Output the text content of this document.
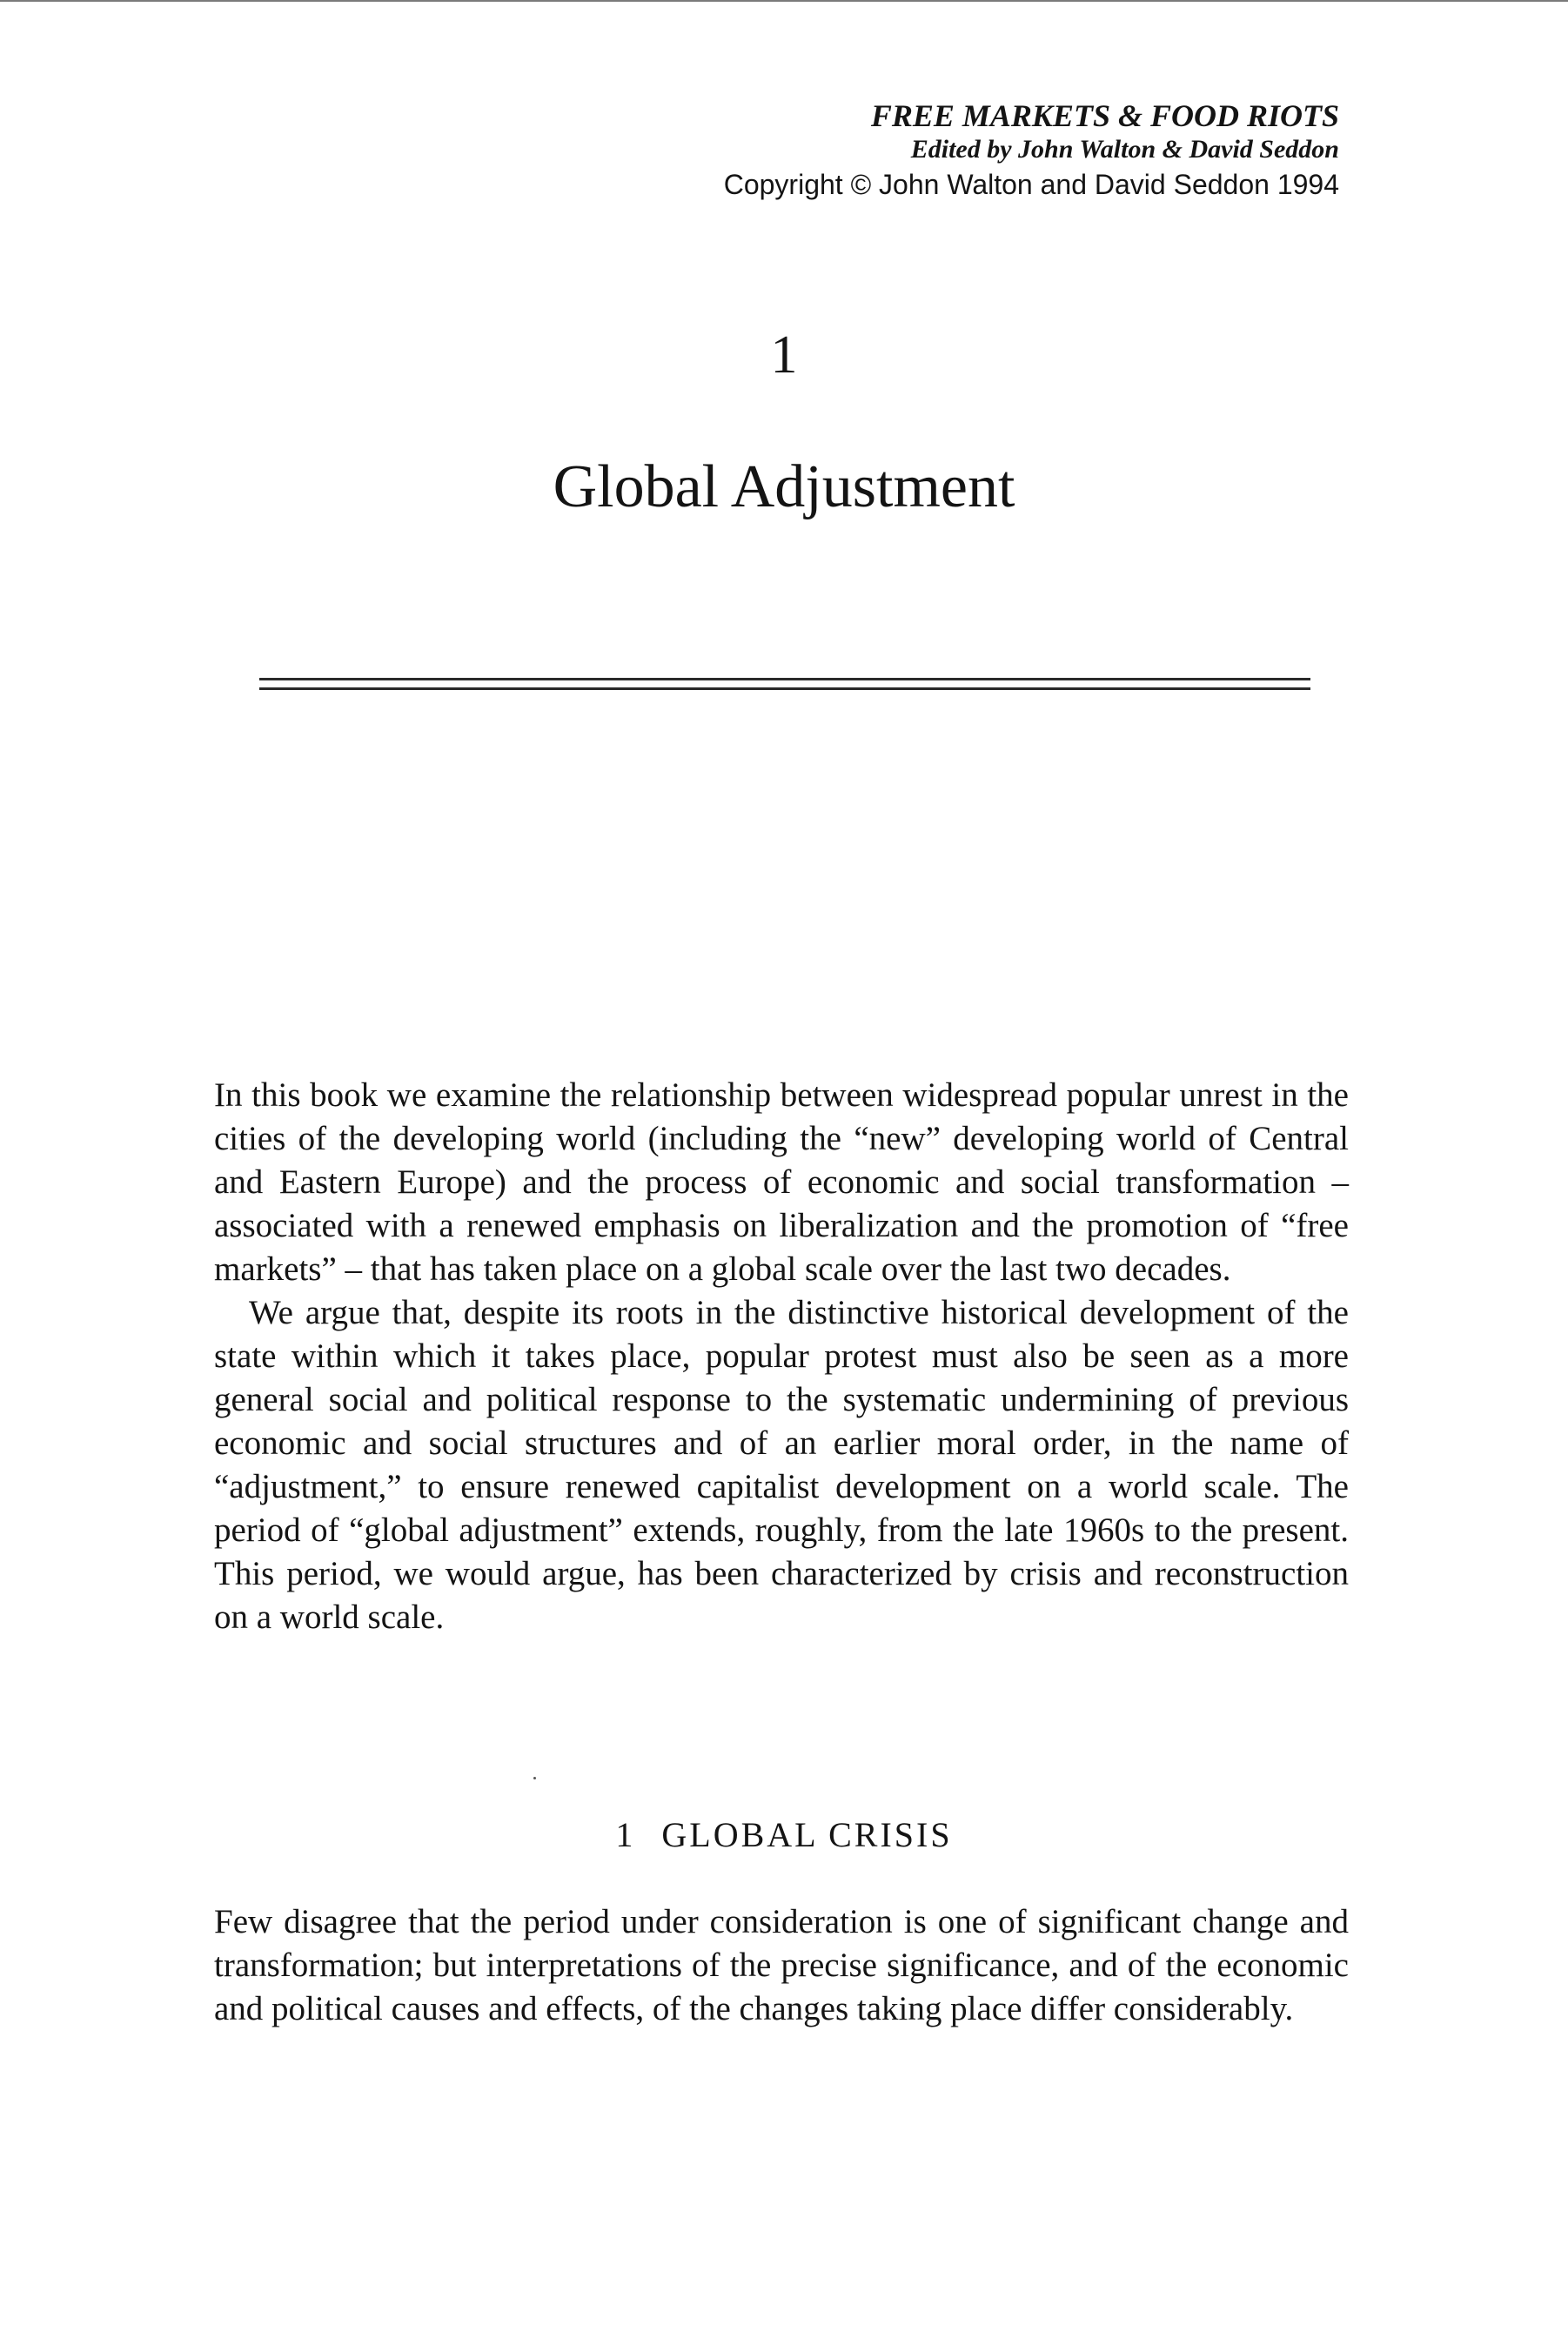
FREE MARKETS & FOOD RIOTS
Edited by John Walton & David Seddon
Copyright © John Walton and David Seddon 1994
1
Global Adjustment

In this book we examine the relationship between widespread popular unrest in the cities of the developing world (including the “new” developing world of Central and Eastern Europe) and the process of economic and social transformation – associated with a renewed emphasis on liberalization and the promotion of “free markets” – that has taken place on a global scale over the last two decades.

We argue that, despite its roots in the distinctive historical development of the state within which it takes place, popular protest must also be seen as a more general social and political response to the systematic undermining of previous economic and social structures and of an earlier moral order, in the name of “adjustment,” to ensure renewed capitalist development on a world scale. The period of “global adjustment” extends, roughly, from the late 1960s to the present. This period, we would argue, has been characterized by crisis and reconstruction on a world scale.

1 GLOBAL CRISIS

Few disagree that the period under consideration is one of significant change and transformation; but interpretations of the precise significance, and of the economic and political causes and effects, of the changes taking place differ considerably.
